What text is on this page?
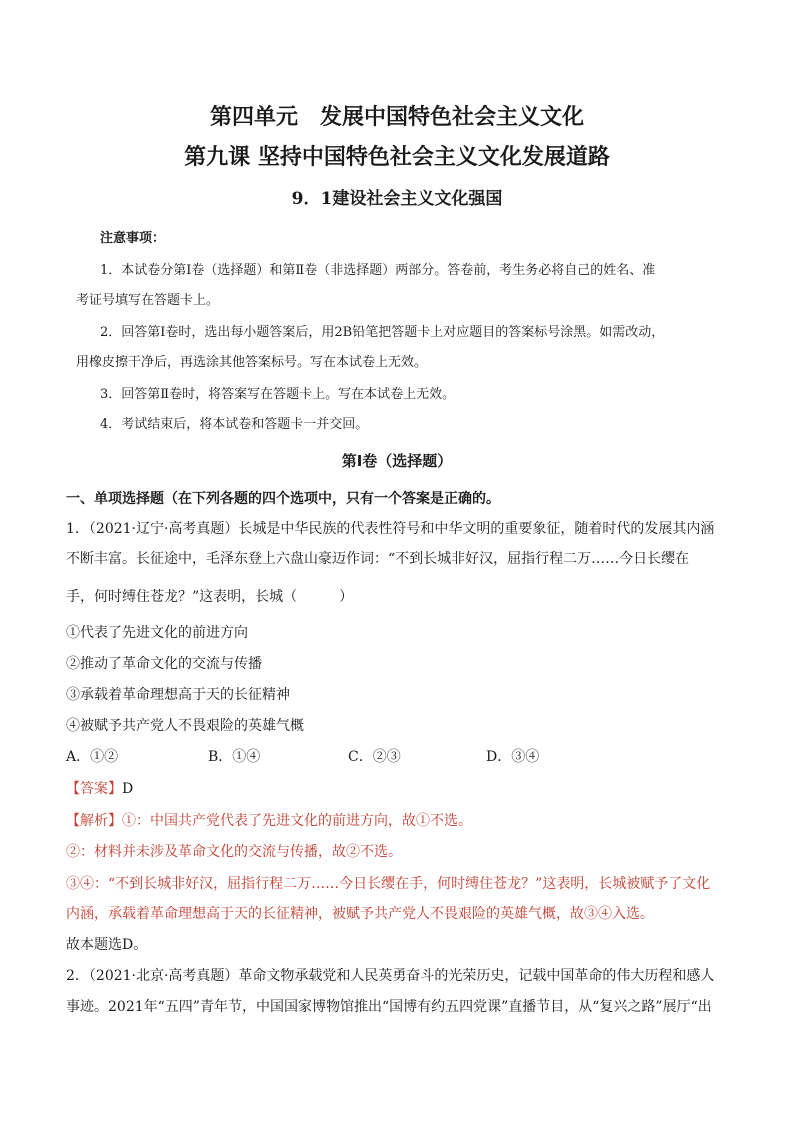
第四单元　发展中国特色社会主义文化
第九课 坚持中国特色社会主义文化发展道路
9．1建设社会主义文化强国
注意事项：
1．本试卷分第Ⅰ卷（选择题）和第Ⅱ卷（非选择题）两部分。答卷前，考生务必将自己的姓名、准
考证号填写在答题卡上。
2．回答第Ⅰ卷时，选出每小题答案后，用2B铅笔把答题卡上对应题目的答案标号涂黑。如需改动，
用橡皮擦干净后，再选涂其他答案标号。写在本试卷上无效。
3．回答第Ⅱ卷时，将答案写在答题卡上。写在本试卷上无效。
4．考试结束后，将本试卷和答题卡一并交回。
第Ⅰ卷（选择题）
一、单项选择题（在下列各题的四个选项中，只有一个答案是正确的。
1．（2021·辽宁·高考真题）长城是中华民族的代表性符号和中华文明的重要象征，随着时代的发展其内涵
不断丰富。长征途中，毛泽东登上六盘山豪迈作词：“不到长城非好汉，屈指行程二万……今日长缨在
手，何时缚住苍龙？”这表明，长城（　　　）
①代表了先进文化的前进方向
②推动了革命文化的交流与传播
③承载着革命理想高于天的长征精神
④被赋予共产党人不畏艰险的英雄气概
A．①②	B．①④	C．②③	D．③④
【答案】D
【解析】①：中国共产党代表了先进文化的前进方向，故①不选。
②：材料并未涉及革命文化的交流与传播，故②不选。
③④：“不到长城非好汉，屈指行程二万……今日长缨在手，何时缚住苍龙？”这表明，长城被赋予了文化
内涵，承载着革命理想高于天的长征精神，被赋予共产党人不畏艰险的英雄气概，故③④入选。
故本题选D。
2．（2021·北京·高考真题）革命文物承载党和人民英勇奋斗的光荣历史，记载中国革命的伟大历程和感人
事迹。2021年“五四”青年节，中国国家博物馆推出“国博有约五四党课”直播节目，从“复兴之路”展厅“出
